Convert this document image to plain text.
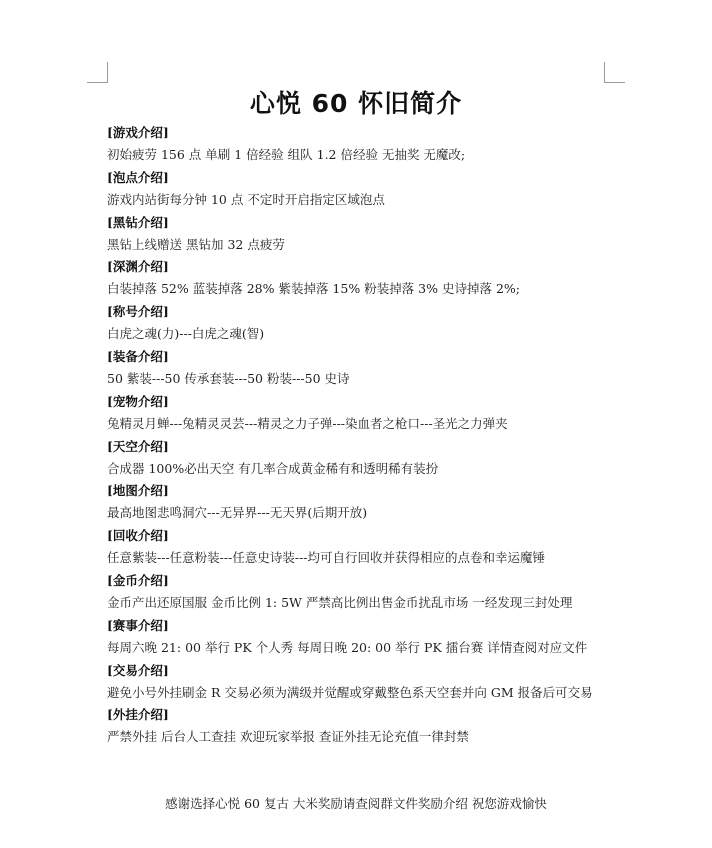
心悦 60 怀旧简介
[游戏介绍]
初始疲劳 156 点 单刷 1 倍经验 组队 1.2 倍经验 无抽奖 无魔改;
[泡点介绍]
游戏内站街每分钟 10 点 不定时开启指定区域泡点
[黑钻介绍]
黑钻上线赠送 黑钻加 32 点疲劳
[深渊介绍]
白装掉落 52% 蓝装掉落 28% 紫装掉落 15% 粉装掉落 3% 史诗掉落 2%;
[称号介绍]
白虎之魂(力)---白虎之魂(智)
[装备介绍]
50 紫装---50 传承套装---50 粉装---50 史诗
[宠物介绍]
兔精灵月蝉---兔精灵灵芸---精灵之力子弹---染血者之枪口---圣光之力弹夹
[天空介绍]
合成器 100%必出天空 有几率合成黄金稀有和透明稀有装扮
[地图介绍]
最高地图悲鸣洞穴---无异界---无天界(后期开放)
[回收介绍]
任意紫装---任意粉装---任意史诗装---均可自行回收并获得相应的点卷和幸运魔锤
[金币介绍]
金币产出还原国服 金币比例 1: 5W 严禁高比例出售金币扰乱市场 一经发现三封处理
[赛事介绍]
每周六晚 21: 00 举行 PK 个人秀 每周日晚 20: 00 举行 PK 擂台赛 详情查阅对应文件
[交易介绍]
避免小号外挂刷金 R 交易必须为满级并觉醒或穿戴整色系天空套并向 GM 报备后可交易
[外挂介绍]
严禁外挂 后台人工查挂 欢迎玩家举报 查证外挂无论充值一律封禁
感谢选择心悦 60 复古 大米奖励请查阅群文件奖励介绍 祝您游戏愉快
